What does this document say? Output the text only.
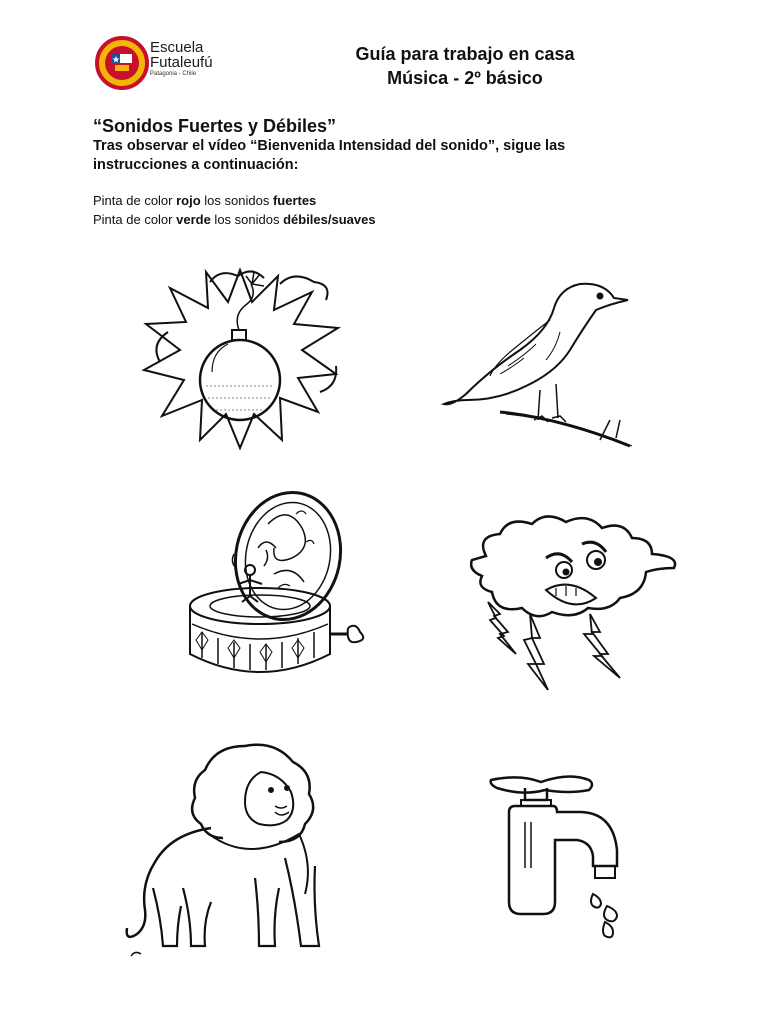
Escuela
Futaleufú
Patagonia - Chile
Guía para trabajo en casa
Música - 2º básico
“Sonidos Fuertes y Débiles”
Tras observar el vídeo “Bienvenida Intensidad del sonido”, sigue las instrucciones a continuación:
Pinta de color rojo los sonidos fuertes
Pinta de color verde los sonidos débiles/suaves
